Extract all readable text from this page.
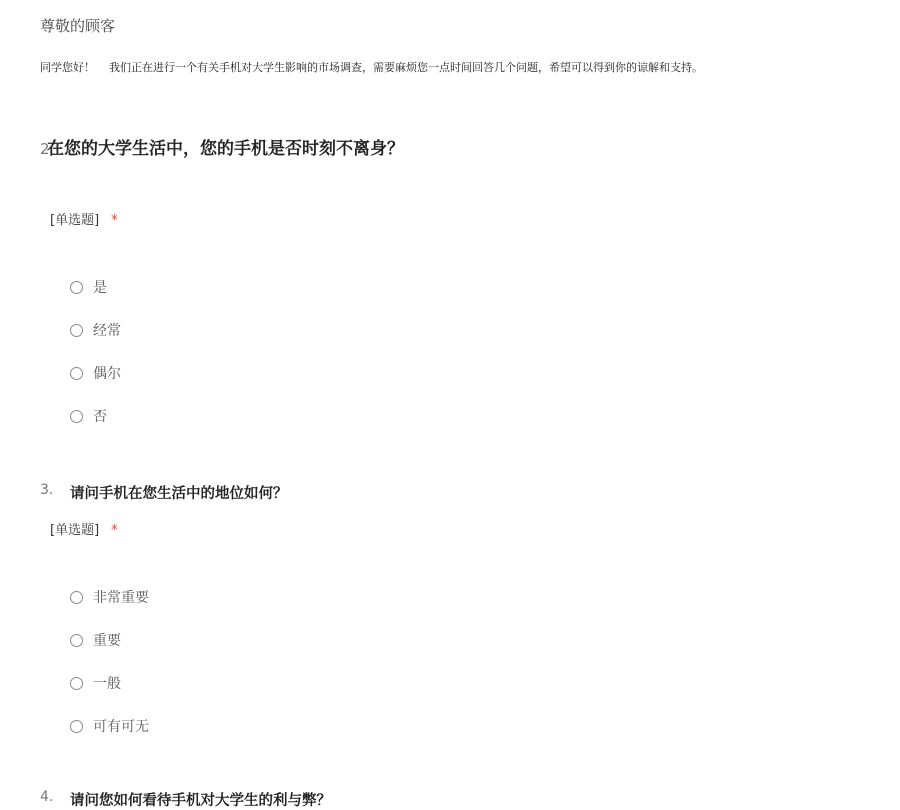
尊敬的顾客
同学您好！    我们正在进行一个有关手机对大学生影响的市场调查，需要麻烦您一点时间回答几个问题，希望可以得到你的谅解和支持。
2在您的大学生活中，您的手机是否时刻不离身？
[单选题] *
是
经常
偶尔
否
3. 请问手机在您生活中的地位如何？
[单选题] *
非常重要
重要
一般
可有可无
4. 请问您如何看待手机对大学生的利与弊？
